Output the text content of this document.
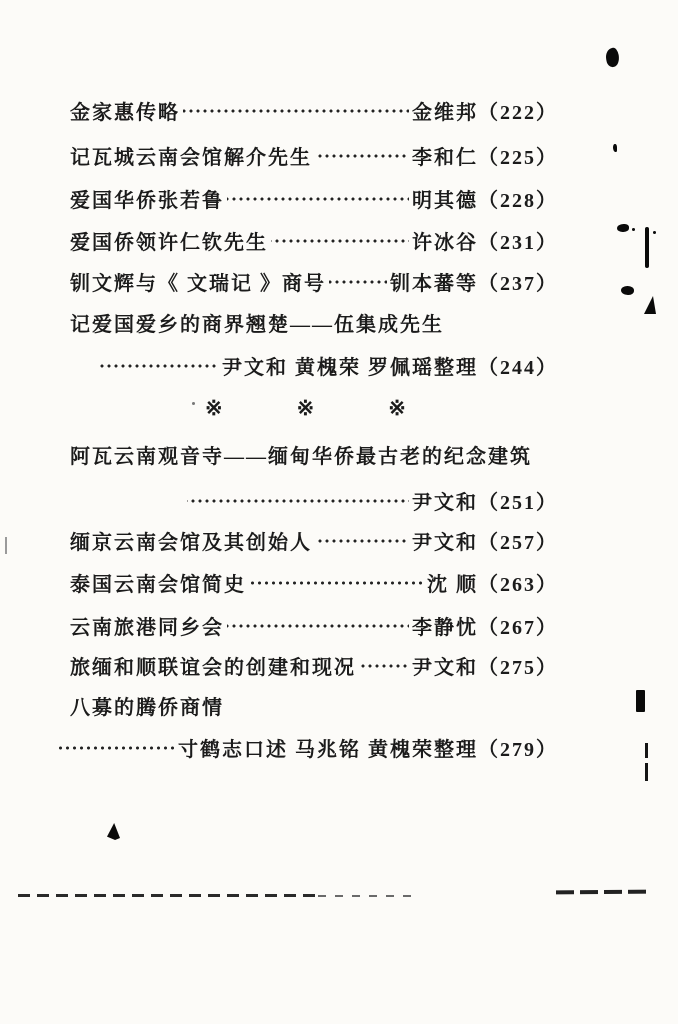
金家惠传略	金维邦（222）
记瓦城云南会馆解介先生	李和仁（225）
爱国华侨张若鲁	明其德（228）
爱国侨领许仁钦先生	许冰谷（231）
钏文辉与《 文瑞记 》商号	钏本蕃等（237）
记爱国爱乡的商界翘楚——伍集成先生
尹文和 黄槐荣 罗佩瑶整理（244）
※	※	※
阿瓦云南观音寺——缅甸华侨最古老的纪念建筑
尹文和（251）
缅京云南会馆及其创始人	尹文和（257）
泰国云南会馆简史	沈 顺（263）
云南旅港同乡会	李静忧（267）
旅缅和顺联谊会的创建和现况	尹文和（275）
八募的腾侨商情
寸鹤志口述 马兆铭 黄槐荣整理（279）
